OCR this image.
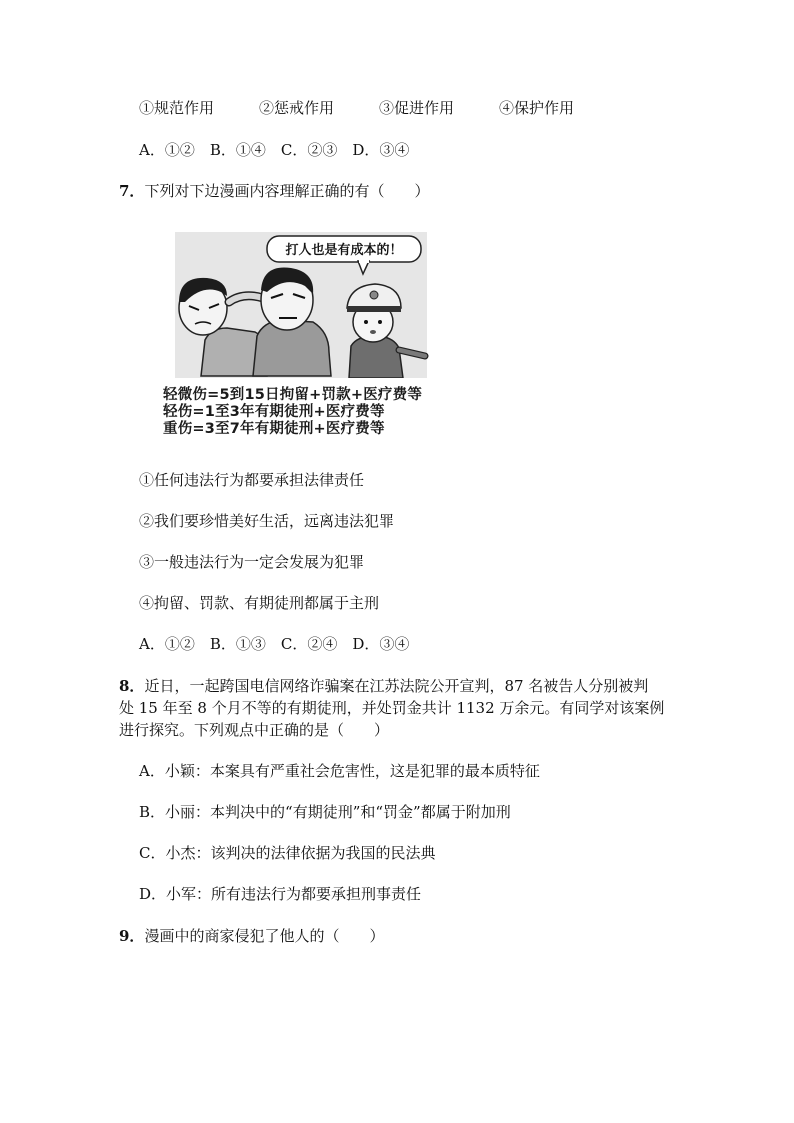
①规范作用	②惩戒作用	③促进作用	④保护作用
A．①②　B．①④　C．②③　D．③④
7．下列对下边漫画内容理解正确的有（　　）
打人也是有成本的！
轻微伤=5到15日拘留+罚款+医疗费等
轻伤=1至3年有期徒刑+医疗费等
重伤=3至7年有期徒刑+医疗费等
①任何违法行为都要承担法律责任
②我们要珍惜美好生活，远离违法犯罪
③一般违法行为一定会发展为犯罪
④拘留、罚款、有期徒刑都属于主刑
A．①②　B．①③　C．②④　D．③④
8．近日，一起跨国电信网络诈骗案在江苏法院公开宣判，87 名被告人分别被判
处 15 年至 8 个月不等的有期徒刑，并处罚金共计 1132 万余元。有同学对该案例
进行探究。下列观点中正确的是（　　）
A．小颖：本案具有严重社会危害性，这是犯罪的最本质特征
B．小丽：本判决中的“有期徒刑”和“罚金”都属于附加刑
C．小杰：该判决的法律依据为我国的民法典
D．小军：所有违法行为都要承担刑事责任
9．漫画中的商家侵犯了他人的（　　）
